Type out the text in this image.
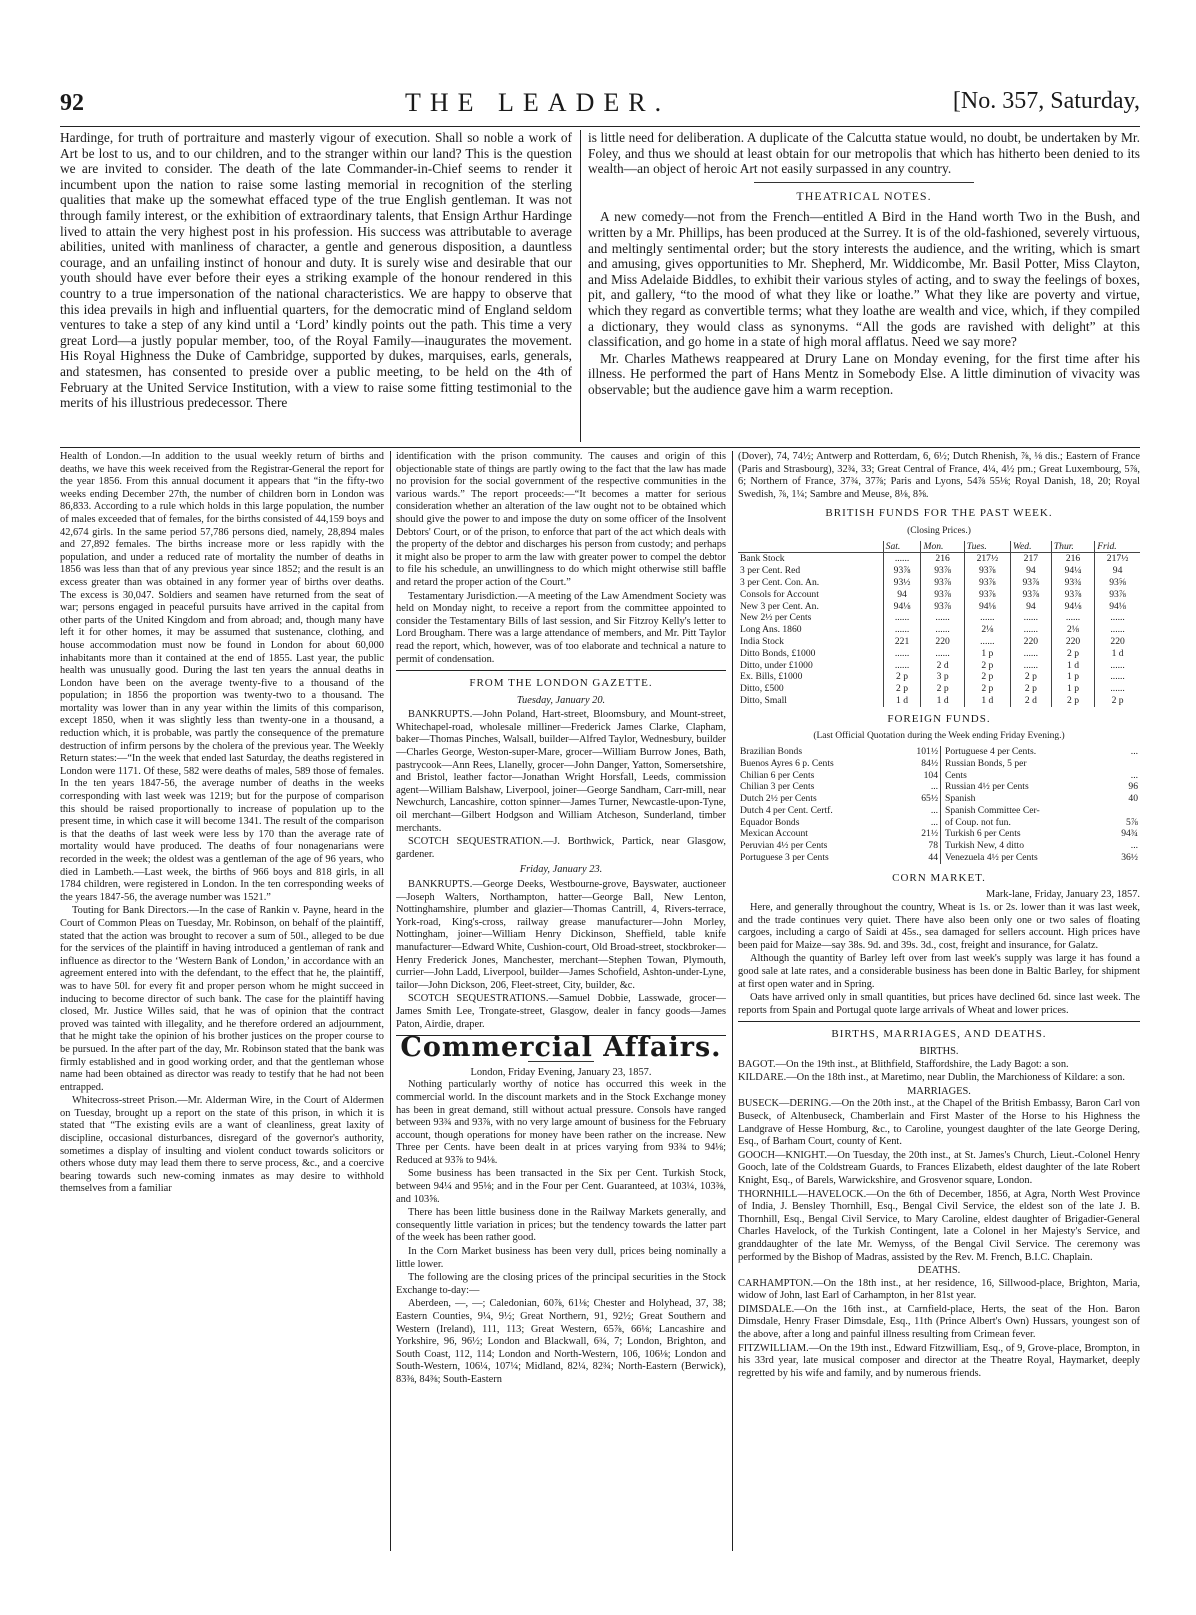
92	THE LEADER.	[No. 357, Saturday,

Hardinge, for truth of portraiture and masterly vigour of execution. Shall so noble a work of Art be lost to us, and to our children, and to the stranger within our land? This is the question we are invited to consider. The death of the late Commander-in-Chief seems to render it incumbent upon the nation to raise some lasting memorial in recognition of the sterling qualities that make up the somewhat effaced type of the true English gentleman. It was not through family interest, or the exhibition of extraordinary talents, that Ensign Arthur Hardinge lived to attain the very highest post in his profession. His success was attributable to average abilities, united with manliness of character, a gentle and generous disposition, a dauntless courage, and an unfailing instinct of honour and duty. It is surely wise and desirable that our youth should have ever before their eyes a striking example of the honour rendered in this country to a true impersonation of the national characteristics. We are happy to observe that this idea prevails in high and influential quarters, for the democratic mind of England seldom ventures to take a step of any kind until a ‘Lord’ kindly points out the path. This time a very great Lord—a justly popular member, too, of the Royal Family—inaugurates the movement. His Royal Highness the Duke of Cambridge, supported by dukes, marquises, earls, generals, and statesmen, has consented to preside over a public meeting, to be held on the 4th of February at the United Service Institution, with a view to raise some fitting testimonial to the merits of his illustrious predecessor. There

is little need for deliberation. A duplicate of the Calcutta statue would, no doubt, be undertaken by Mr. Foley, and thus we should at least obtain for our metropolis that which has hitherto been denied to its wealth—an object of heroic Art not easily surpassed in any country.

THEATRICAL NOTES.

A new comedy—not from the French—entitled A Bird in the Hand worth Two in the Bush, and written by a Mr. Phillips, has been produced at the Surrey. It is of the old-fashioned, severely virtuous, and meltingly sentimental order; but the story interests the audience, and the writing, which is smart and amusing, gives opportunities to Mr. Shepherd, Mr. Widdicombe, Mr. Basil Potter, Miss Clayton, and Miss Adelaide Biddles, to exhibit their various styles of acting, and to sway the feelings of boxes, pit, and gallery, “to the mood of what they like or loathe.” What they like are poverty and virtue, which they regard as convertible terms; what they loathe are wealth and vice, which, if they compiled a dictionary, they would class as synonyms. “All the gods are ravished with delight” at this classification, and go home in a state of high moral afflatus. Need we say more?

Mr. Charles Mathews reappeared at Drury Lane on Monday evening, for the first time after his illness. He performed the part of Hans Mentz in Somebody Else. A little diminution of vivacity was observable; but the audience gave him a warm reception.

Health of London.—In addition to the usual weekly return of births and deaths, we have this week received from the Registrar-General the report for the year 1856. From this annual document it appears that “in the fifty-two weeks ending December 27th, the number of children born in London was 86,833. According to a rule which holds in this large population, the number of males exceeded that of females, for the births consisted of 44,159 boys and 42,674 girls. In the same period 57,786 persons died, namely, 28,894 males and 27,892 females. The births increase more or less rapidly with the population, and under a reduced rate of mortality the number of deaths in 1856 was less than that of any previous year since 1852; and the result is an excess greater than was obtained in any former year of births over deaths. The excess is 30,047. Soldiers and seamen have returned from the seat of war; persons engaged in peaceful pursuits have arrived in the capital from other parts of the United Kingdom and from abroad; and, though many have left it for other homes, it may be assumed that sustenance, clothing, and house accommodation must now be found in London for about 60,000 inhabitants more than it contained at the end of 1855. Last year, the public health was unusually good. During the last ten years the annual deaths in London have been on the average twenty-five to a thousand of the population; in 1856 the proportion was twenty-two to a thousand. The mortality was lower than in any year within the limits of this comparison, except 1850, when it was slightly less than twenty-one in a thousand, a reduction which, it is probable, was partly the consequence of the premature destruction of infirm persons by the cholera of the previous year. The Weekly Return states:—“In the week that ended last Saturday, the deaths registered in London were 1171. Of these, 582 were deaths of males, 589 those of females. In the ten years 1847-56, the average number of deaths in the weeks corresponding with last week was 1219; but for the purpose of comparison this should be raised proportionally to increase of population up to the present time, in which case it will become 1341. The result of the comparison is that the deaths of last week were less by 170 than the average rate of mortality would have produced. The deaths of four nonagenarians were recorded in the week; the oldest was a gentleman of the age of 96 years, who died in Lambeth.—Last week, the births of 966 boys and 818 girls, in all 1784 children, were registered in London. In the ten corresponding weeks of the years 1847-56, the average number was 1521.”

Touting for Bank Directors.—In the case of Rankin v. Payne, heard in the Court of Common Pleas on Tuesday, Mr. Robinson, on behalf of the plaintiff, stated that the action was brought to recover a sum of 50l., alleged to be due for the services of the plaintiff in having introduced a gentleman of rank and influence as director to the ‘Western Bank of London,’ in accordance with an agreement entered into with the defendant, to the effect that he, the plaintiff, was to have 50l. for every fit and proper person whom he might succeed in inducing to become director of such bank. The case for the plaintiff having closed, Mr. Justice Willes said, that he was of opinion that the contract proved was tainted with illegality, and he therefore ordered an adjournment, that he might take the opinion of his brother justices on the proper course to be pursued. In the after part of the day, Mr. Robinson stated that the bank was firmly established and in good working order, and that the gentleman whose name had been obtained as director was ready to testify that he had not been entrapped.

Whitecross-street Prison.—Mr. Alderman Wire, in the Court of Aldermen on Tuesday, brought up a report on the state of this prison, in which it is stated that “The existing evils are a want of cleanliness, great laxity of discipline, occasional disturbances, disregard of the governor's authority, sometimes a display of insulting and violent conduct towards solicitors or others whose duty may lead them there to serve process, &c., and a coercive bearing towards such new-coming inmates as may desire to withhold themselves from a familiar

identification with the prison community. The causes and origin of this objectionable state of things are partly owing to the fact that the law has made no provision for the social government of the respective communities in the various wards.” The report proceeds:—“It becomes a matter for serious consideration whether an alteration of the law ought not to be obtained which should give the power to and impose the duty on some officer of the Insolvent Debtors' Court, or of the prison, to enforce that part of the act which deals with the property of the debtor and discharges his person from custody; and perhaps it might also be proper to arm the law with greater power to compel the debtor to file his schedule, an unwillingness to do which might otherwise still baffle and retard the proper action of the Court.”

Testamentary Jurisdiction.—A meeting of the Law Amendment Society was held on Monday night, to receive a report from the committee appointed to consider the Testamentary Bills of last session, and Sir Fitzroy Kelly's letter to Lord Brougham. There was a large attendance of members, and Mr. Pitt Taylor read the report, which, however, was of too elaborate and technical a nature to permit of condensation.

FROM THE LONDON GAZETTE.
Tuesday, January 20.

BANKRUPTS.—John Poland, Hart-street, Bloomsbury, and Mount-street, Whitechapel-road, wholesale milliner—Frederick James Clarke, Clapham, baker—Thomas Pinches, Walsall, builder—Alfred Taylor, Wednesbury, builder—Charles George, Weston-super-Mare, grocer—William Burrow Jones, Bath, pastrycook—Ann Rees, Llanelly, grocer—John Danger, Yatton, Somersetshire, and Bristol, leather factor—Jonathan Wright Horsfall, Leeds, commission agent—William Balshaw, Liverpool, joiner—George Sandham, Carr-mill, near Newchurch, Lancashire, cotton spinner—James Turner, Newcastle-upon-Tyne, oil merchant—Gilbert Hodgson and William Atcheson, Sunderland, timber merchants.

SCOTCH SEQUESTRATION.—J. Borthwick, Partick, near Glasgow, gardener.

Friday, January 23.

BANKRUPTS.—George Deeks, Westbourne-grove, Bayswater, auctioneer—Joseph Walters, Northampton, hatter—George Ball, New Lenton, Nottinghamshire, plumber and glazier—Thomas Cantrill, 4, Rivers-terrace, York-road, King's-cross, railway grease manufacturer—John Morley, Nottingham, joiner—William Henry Dickinson, Sheffield, table knife manufacturer—Edward White, Cushion-court, Old Broad-street, stockbroker—Henry Frederick Jones, Manchester, merchant—Stephen Towan, Plymouth, currier—John Ladd, Liverpool, builder—James Schofield, Ashton-under-Lyne, tailor—John Dickson, 206, Fleet-street, City, builder, &c.

SCOTCH SEQUESTRATIONS.—Samuel Dobbie, Lasswade, grocer—James Smith Lee, Trongate-street, Glasgow, dealer in fancy goods—James Paton, Airdie, draper.

Commercial Affairs.
London, Friday Evening, January 23, 1857.

Nothing particularly worthy of notice has occurred this week in the commercial world. In the discount markets and in the Stock Exchange money has been in great demand, still without actual pressure. Consols have ranged between 93¾ and 93⅞, with no very large amount of business for the February account, though operations for money have been rather on the increase. New Three per Cents. have been dealt in at prices varying from 93¾ to 94⅛; Reduced at 93⅞ to 94⅛.

Some business has been transacted in the Six per Cent. Turkish Stock, between 94¼ and 95⅛; and in the Four per Cent. Guaranteed, at 103¼, 103⅜, and 103⅝.

There has been little business done in the Railway Markets generally, and consequently little variation in prices; but the tendency towards the latter part of the week has been rather good.

In the Corn Market business has been very dull, prices being nominally a little lower.

The following are the closing prices of the principal securities in the Stock Exchange to-day:—

Aberdeen, —, —; Caledonian, 60⅞, 61⅛; Chester and Holyhead, 37, 38; Eastern Counties, 9¼, 9½; Great Northern, 91, 92½; Great Southern and Western (Ireland), 111, 113; Great Western, 65⅞, 66⅛; Lancashire and Yorkshire, 96, 96½; London and Blackwall, 6¾, 7; London, Brighton, and South Coast, 112, 114; London and North-Western, 106, 106⅛; London and South-Western, 106¼, 107¼; Midland, 82¼, 82¾; North-Eastern (Berwick), 83⅜, 84⅜; South-Eastern

(Dover), 74, 74½; Antwerp and Rotterdam, 6, 6½; Dutch Rhenish, ⅞, ⅛ dis.; Eastern of France (Paris and Strasbourg), 32¾, 33; Great Central of France, 4¼, 4½ pm.; Great Luxembourg, 5⅞, 6; Northern of France, 37¾, 37⅞; Paris and Lyons, 54⅞ 55⅛; Royal Danish, 18, 20; Royal Swedish, ⅞, 1¼; Sambre and Meuse, 8⅛, 8⅝.

BRITISH FUNDS FOR THE PAST WEEK.
(Closing Prices.)
	Sat.	Mon.	Tues.	Wed.	Thur.	Frid.
Bank Stock	......	216	217½	217	216	217½
3 per Cent. Red	93⅞	93⅞	93⅞	94	94¼	94
3 per Cent. Con. An.	93½	93⅞	93⅞	93⅞	93¾	93⅝
Consols for Account	94	93⅞	93⅞	93⅞	93⅞	93⅞
New 3 per Cent. An.	94⅛	93⅞	94⅛	94	94⅛	94⅛
New 2½ per Cents	......	......	......	......	......	......
Long Ans. 1860	......	......	2⅛	......	2⅛	......
India Stock	221	220	......	220	220	220
Ditto Bonds, £1000	......	......	1 p	......	2 p	1 d
Ditto, under £1000	......	2 d	2 p	......	1 d	......
Ex. Bills, £1000	2 p	3 p	2 p	2 p	1 p	......
Ditto, £500	2 p	2 p	2 p	2 p	1 p	......
Ditto, Small	1 d	1 d	1 d	2 d	2 p	2 p
FOREIGN FUNDS.
(Last Official Quotation during the Week ending Friday Evening.)
Brazilian Bonds	101½	Portuguese 4 per Cents.	...
Buenos Ayres 6 p. Cents	84½	Russian Bonds, 5 per	
Chilian 6 per Cents	104	Cents	...
Chilian 3 per Cents	...	Russian 4½ per Cents	96
Dutch 2½ per Cents	65½	Spanish	40
Dutch 4 per Cent. Certf.	...	Spanish Committee Cer-	
Equador Bonds	...	of Coup. not fun.	5⅞
Mexican Account	21½	Turkish 6 per Cents	94¾
Peruvian 4½ per Cents	78	Turkish New, 4 ditto	...
Portuguese 3 per Cents	44	Venezuela 4½ per Cents	36½
CORN MARKET.
Mark-lane, Friday, January 23, 1857.

Here, and generally throughout the country, Wheat is 1s. or 2s. lower than it was last week, and the trade continues very quiet. There have also been only one or two sales of floating cargoes, including a cargo of Saidi at 45s., sea damaged for sellers account. High prices have been paid for Maize—say 38s. 9d. and 39s. 3d., cost, freight and insurance, for Galatz.

Although the quantity of Barley left over from last week's supply was large it has found a good sale at late rates, and a considerable business has been done in Baltic Barley, for shipment at first open water and in Spring.

Oats have arrived only in small quantities, but prices have declined 6d. since last week. The reports from Spain and Portugal quote large arrivals of Wheat and lower prices.

BIRTHS, MARRIAGES, AND DEATHS.
BIRTHS.

BAGOT.—On the 19th inst., at Blithfield, Staffordshire, the Lady Bagot: a son.

KILDARE.—On the 18th inst., at Maretimo, near Dublin, the Marchioness of Kildare: a son.

MARRIAGES.

BUSECK—DERING.—On the 20th inst., at the Chapel of the British Embassy, Baron Carl von Buseck, of Altenbuseck, Chamberlain and First Master of the Horse to his Highness the Landgrave of Hesse Homburg, &c., to Caroline, youngest daughter of the late George Dering, Esq., of Barham Court, county of Kent.

GOOCH—KNIGHT.—On Tuesday, the 20th inst., at St. James's Church, Lieut.-Colonel Henry Gooch, late of the Coldstream Guards, to Frances Elizabeth, eldest daughter of the late Robert Knight, Esq., of Barels, Warwickshire, and Grosvenor square, London.

THORNHILL—HAVELOCK.—On the 6th of December, 1856, at Agra, North West Province of India, J. Bensley Thornhill, Esq., Bengal Civil Service, the eldest son of the late J. B. Thornhill, Esq., Bengal Civil Service, to Mary Caroline, eldest daughter of Brigadier-General Charles Havelock, of the Turkish Contingent, late a Colonel in her Majesty's Service, and granddaughter of the late Mr. Wemyss, of the Bengal Civil Service. The ceremony was performed by the Bishop of Madras, assisted by the Rev. M. French, B.I.C. Chaplain.

DEATHS.

CARHAMPTON.—On the 18th inst., at her residence, 16, Sillwood-place, Brighton, Maria, widow of John, last Earl of Carhampton, in her 81st year.

DIMSDALE.—On the 16th inst., at Carnfield-place, Herts, the seat of the Hon. Baron Dimsdale, Henry Fraser Dimsdale, Esq., 11th (Prince Albert's Own) Hussars, youngest son of the above, after a long and painful illness resulting from Crimean fever.

FITZWILLIAM.—On the 19th inst., Edward Fitzwilliam, Esq., of 9, Grove-place, Brompton, in his 33rd year, late musical composer and director at the Theatre Royal, Haymarket, deeply regretted by his wife and family, and by numerous friends.
